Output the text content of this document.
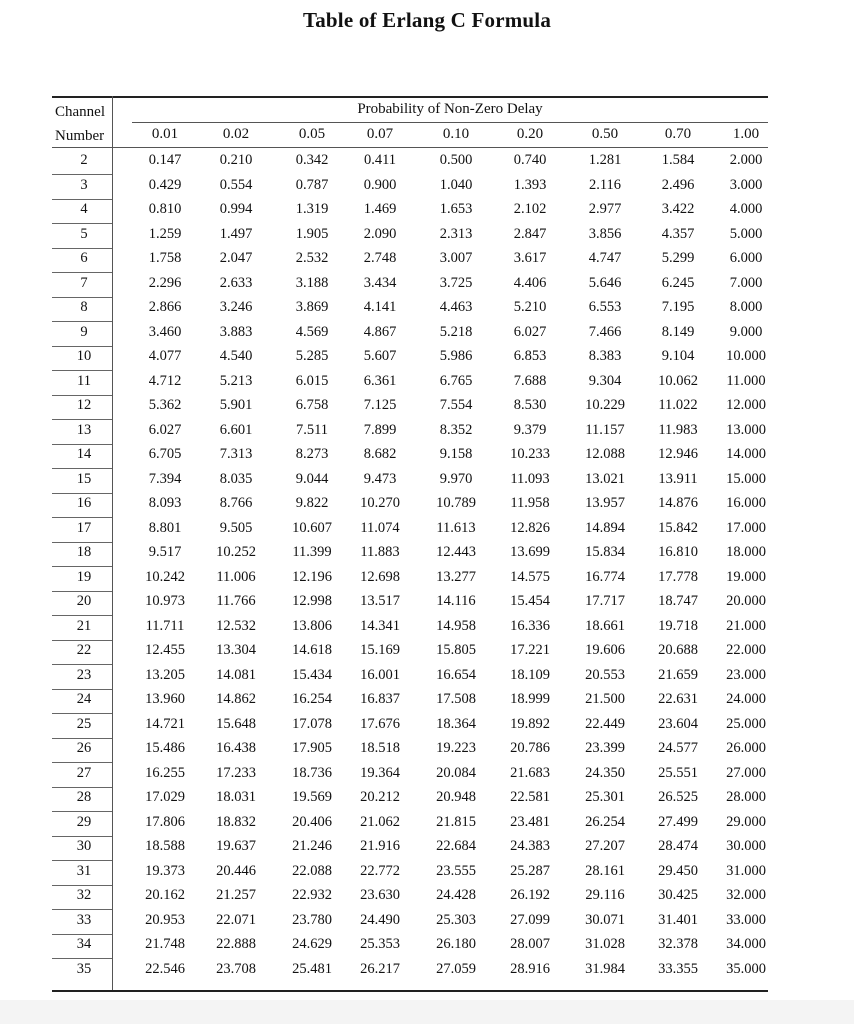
Table of Erlang C Formula
Channel
Number
Probability of Non-Zero Delay
0.01	0.02	0.05	0.07	0.10	0.20	0.50	0.70	1.00
2	0.147	0.210	0.342	0.411	0.500	0.740	1.281	1.584	2.000
3	0.429	0.554	0.787	0.900	1.040	1.393	2.116	2.496	3.000
4	0.810	0.994	1.319	1.469	1.653	2.102	2.977	3.422	4.000
5	1.259	1.497	1.905	2.090	2.313	2.847	3.856	4.357	5.000
6	1.758	2.047	2.532	2.748	3.007	3.617	4.747	5.299	6.000
7	2.296	2.633	3.188	3.434	3.725	4.406	5.646	6.245	7.000
8	2.866	3.246	3.869	4.141	4.463	5.210	6.553	7.195	8.000
9	3.460	3.883	4.569	4.867	5.218	6.027	7.466	8.149	9.000
10	4.077	4.540	5.285	5.607	5.986	6.853	8.383	9.104	10.000
11	4.712	5.213	6.015	6.361	6.765	7.688	9.304	10.062	11.000
12	5.362	5.901	6.758	7.125	7.554	8.530	10.229	11.022	12.000
13	6.027	6.601	7.511	7.899	8.352	9.379	11.157	11.983	13.000
14	6.705	7.313	8.273	8.682	9.158	10.233	12.088	12.946	14.000
15	7.394	8.035	9.044	9.473	9.970	11.093	13.021	13.911	15.000
16	8.093	8.766	9.822	10.270	10.789	11.958	13.957	14.876	16.000
17	8.801	9.505	10.607	11.074	11.613	12.826	14.894	15.842	17.000
18	9.517	10.252	11.399	11.883	12.443	13.699	15.834	16.810	18.000
19	10.242	11.006	12.196	12.698	13.277	14.575	16.774	17.778	19.000
20	10.973	11.766	12.998	13.517	14.116	15.454	17.717	18.747	20.000
21	11.711	12.532	13.806	14.341	14.958	16.336	18.661	19.718	21.000
22	12.455	13.304	14.618	15.169	15.805	17.221	19.606	20.688	22.000
23	13.205	14.081	15.434	16.001	16.654	18.109	20.553	21.659	23.000
24	13.960	14.862	16.254	16.837	17.508	18.999	21.500	22.631	24.000
25	14.721	15.648	17.078	17.676	18.364	19.892	22.449	23.604	25.000
26	15.486	16.438	17.905	18.518	19.223	20.786	23.399	24.577	26.000
27	16.255	17.233	18.736	19.364	20.084	21.683	24.350	25.551	27.000
28	17.029	18.031	19.569	20.212	20.948	22.581	25.301	26.525	28.000
29	17.806	18.832	20.406	21.062	21.815	23.481	26.254	27.499	29.000
30	18.588	19.637	21.246	21.916	22.684	24.383	27.207	28.474	30.000
31	19.373	20.446	22.088	22.772	23.555	25.287	28.161	29.450	31.000
32	20.162	21.257	22.932	23.630	24.428	26.192	29.116	30.425	32.000
33	20.953	22.071	23.780	24.490	25.303	27.099	30.071	31.401	33.000
34	21.748	22.888	24.629	25.353	26.180	28.007	31.028	32.378	34.000
35	22.546	23.708	25.481	26.217	27.059	28.916	31.984	33.355	35.000
